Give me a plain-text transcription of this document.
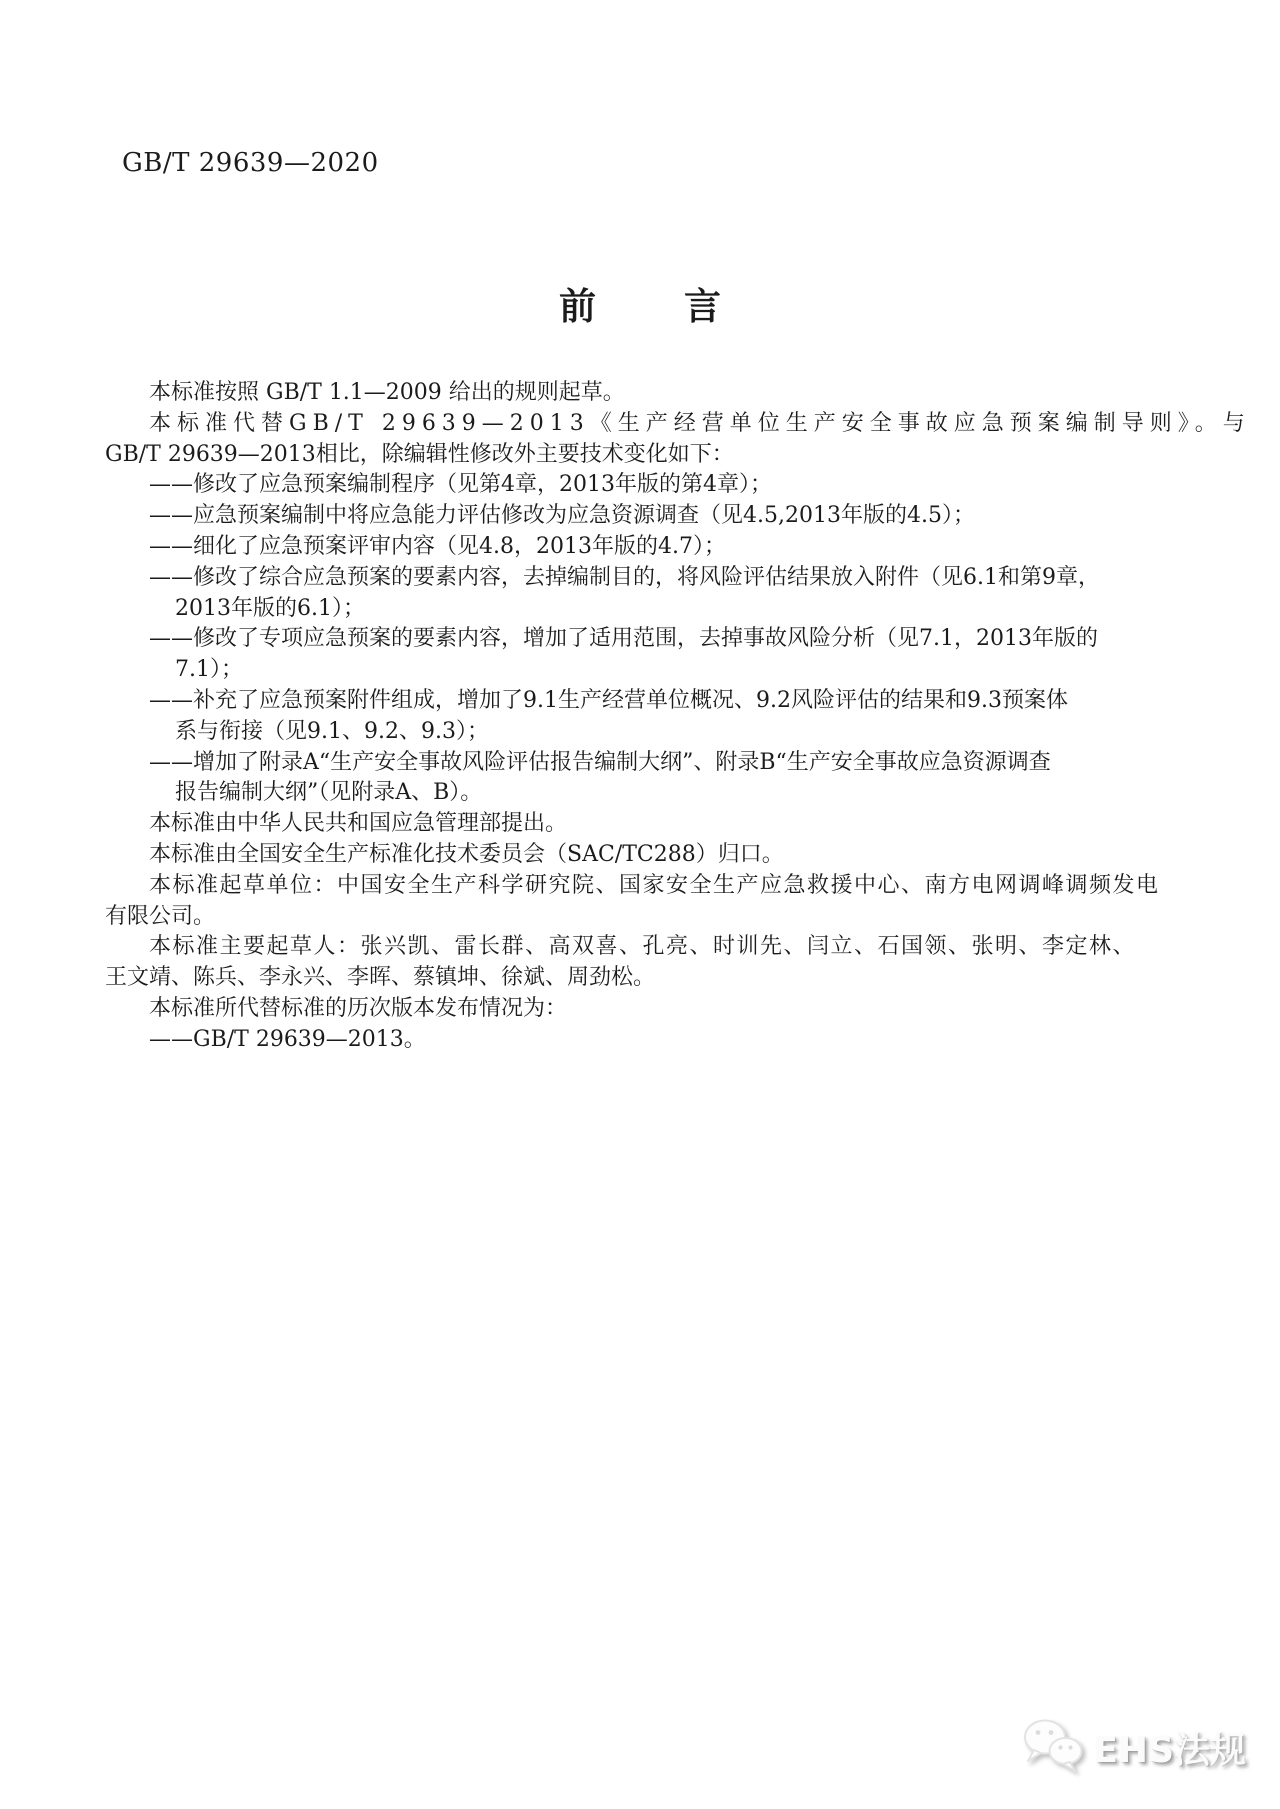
GB/T 29639—2020
前言
本标准按照 GB/T 1.1—2009 给出的规则起草。
本标准代替GB/T 29639—2013《生产经营单位生产安全事故应急预案编制导则》。与
GB/T 29639—2013相比，除编辑性修改外主要技术变化如下：
——修改了应急预案编制程序（见第4章，2013年版的第4章）；
——应急预案编制中将应急能力评估修改为应急资源调查（见4.5,2013年版的4.5）；
——细化了应急预案评审内容（见4.8，2013年版的4.7）；
——修改了综合应急预案的要素内容，去掉编制目的，将风险评估结果放入附件（见6.1和第9章，
2013年版的6.1）；
——修改了专项应急预案的要素内容，增加了适用范围，去掉事故风险分析（见7.1，2013年版的
7.1）；
——补充了应急预案附件组成，增加了9.1生产经营单位概况、9.2风险评估的结果和9.3预案体
系与衔接（见9.1、9.2、9.3）；
——增加了附录A“生产安全事故风险评估报告编制大纲”、附录B“生产安全事故应急资源调查
报告编制大纲”（见附录A、B）。
本标准由中华人民共和国应急管理部提出。
本标准由全国安全生产标准化技术委员会（SAC/TC288）归口。
本标准起草单位：中国安全生产科学研究院、国家安全生产应急救援中心、南方电网调峰调频发电
有限公司。
本标准主要起草人：张兴凯、雷长群、高双喜、孔亮、时训先、闫立、石国领、张明、李定林、
王文靖、陈兵、李永兴、李晖、蔡镇坤、徐斌、周劲松。
本标准所代替标准的历次版本发布情况为：
——GB/T 29639—2013。
EHS法规
